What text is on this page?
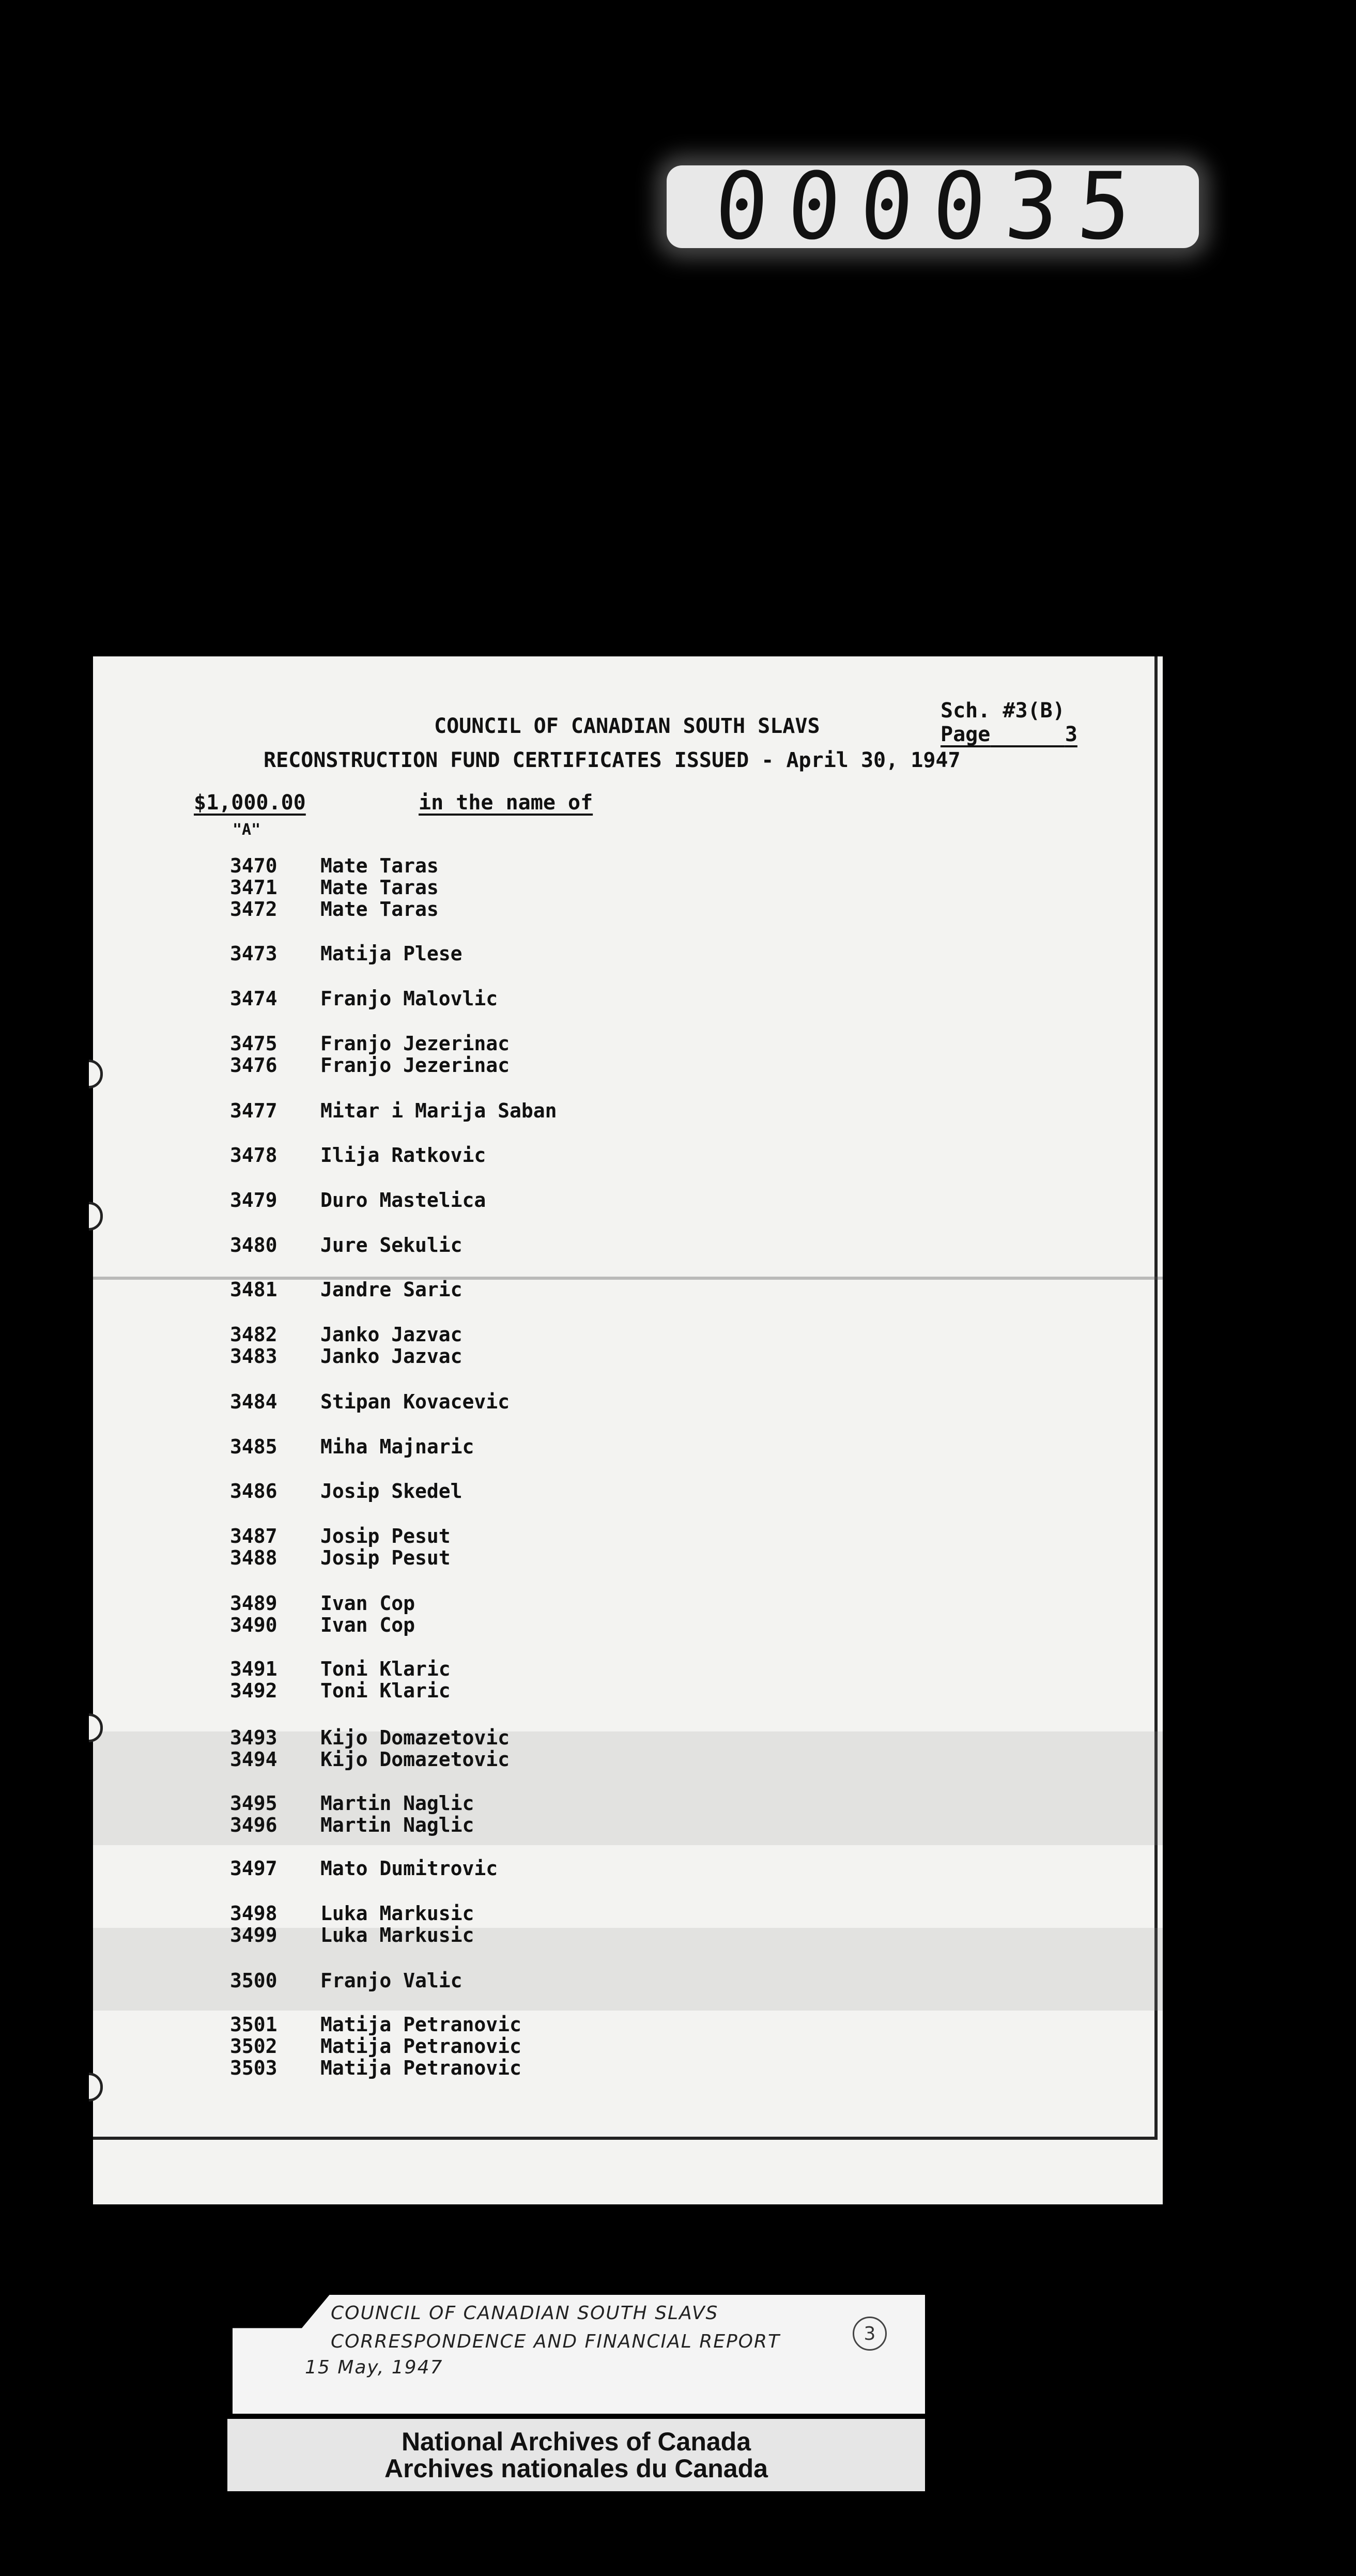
000035
COUNCIL OF CANADIAN SOUTH SLAVS
RECONSTRUCTION FUND CERTIFICATES ISSUED - April 30, 1947
Sch. #3(B)
Page	3
$1,000.00	in the name of
"A"
3470 Mate Taras
3471 Mate Taras
3472 Mate Taras
3473 Matija Plese
3474 Franjo Malovlic
3475 Franjo Jezerinac
3476 Franjo Jezerinac
3477 Mitar i Marija Saban
3478 Ilija Ratkovic
3479 Duro Mastelica
3480 Jure Sekulic
3481 Jandre Saric
3482 Janko Jazvac
3483 Janko Jazvac
3484 Stipan Kovacevic
3485 Miha Majnaric
3486 Josip Skedel
3487 Josip Pesut
3488 Josip Pesut
3489 Ivan Cop
3490 Ivan Cop
3491 Toni Klaric
3492 Toni Klaric
3493 Kijo Domazetovic
3494 Kijo Domazetovic
3495 Martin Naglic
3496 Martin Naglic
3497 Mato Dumitrovic
3498 Luka Markusic
3499 Luka Markusic
3500 Franjo Valic
3501 Matija Petranovic
3502 Matija Petranovic
3503 Matija Petranovic
COUNCIL OF CANADIAN SOUTH SLAVS
CORRESPONDENCE AND FINANCIAL REPORT
15 May, 1947
3
National Archives of Canada
Archives nationales du Canada
